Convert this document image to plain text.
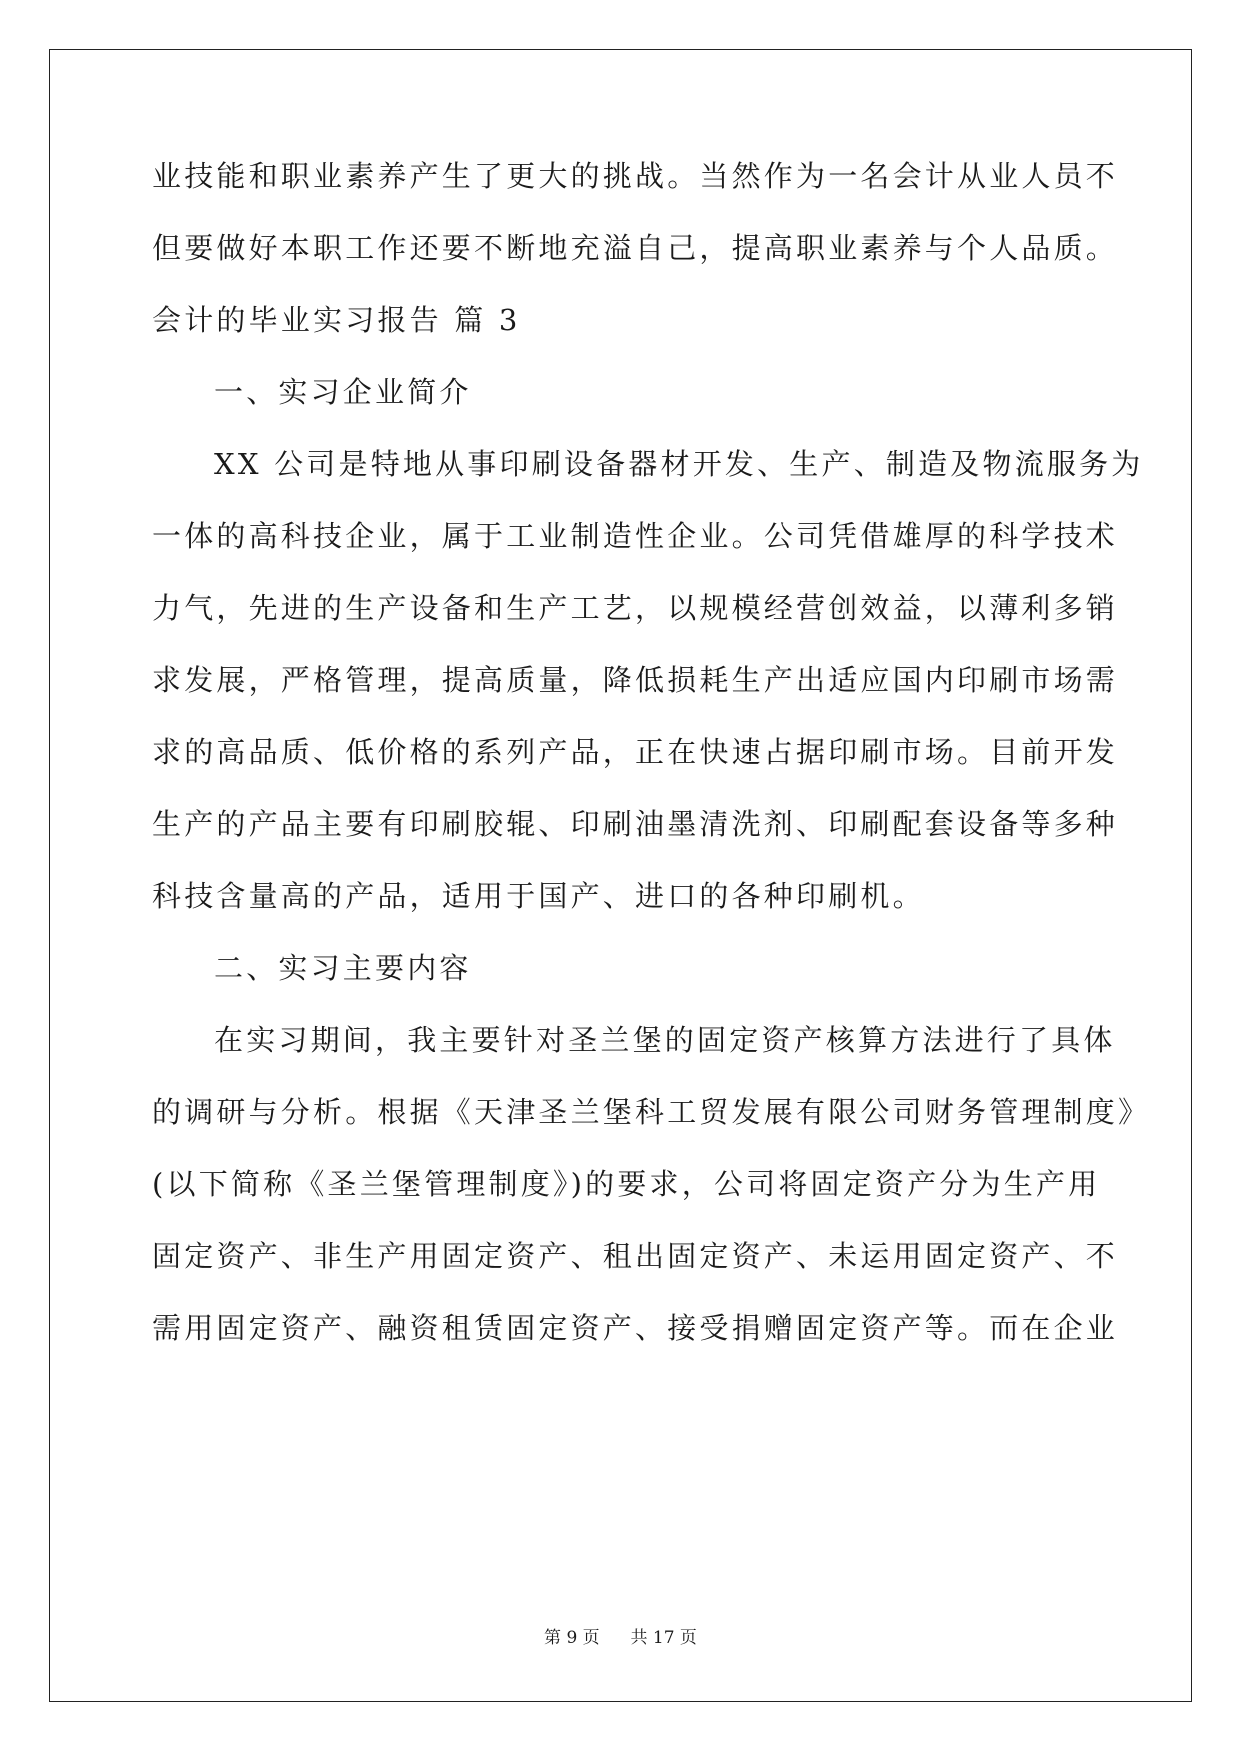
业技能和职业素养产生了更大的挑战。当然作为一名会计从业人员不
但要做好本职工作还要不断地充溢自己，提高职业素养与个人品质。
会计的毕业实习报告 篇 3
一、实习企业简介
XX 公司是特地从事印刷设备器材开发、生产、制造及物流服务为
一体的高科技企业，属于工业制造性企业。公司凭借雄厚的科学技术
力气，先进的生产设备和生产工艺，以规模经营创效益，以薄利多销
求发展，严格管理，提高质量，降低损耗生产出适应国内印刷市场需
求的高品质、低价格的系列产品，正在快速占据印刷市场。目前开发
生产的产品主要有印刷胶辊、印刷油墨清洗剂、印刷配套设备等多种
科技含量高的产品，适用于国产、进口的各种印刷机。
二、实习主要内容
在实习期间，我主要针对圣兰堡的固定资产核算方法进行了具体
的调研与分析。根据《天津圣兰堡科工贸发展有限公司财务管理制度》
(以下简称《圣兰堡管理制度》)的要求，公司将固定资产分为生产用
固定资产、非生产用固定资产、租出固定资产、未运用固定资产、不
需用固定资产、融资租赁固定资产、接受捐赠固定资产等。而在企业
第 9 页 共 17 页
